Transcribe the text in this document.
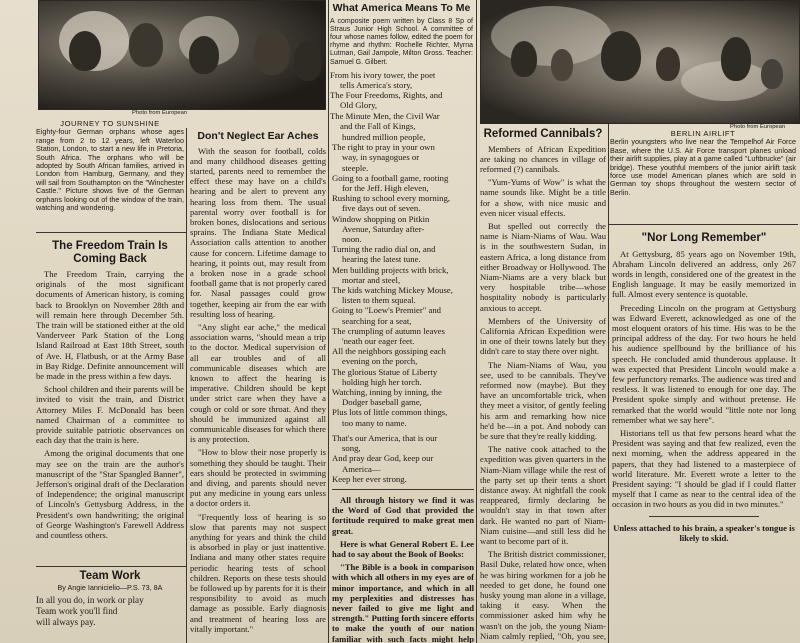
Photo from European
JOURNEY TO SUNSHINE
Eighty-four German orphans whose ages range from 2 to 12 years, left Waterloo Station, London, to start a new life in Pretoria, South Africa. The orphans who will be adopted by South African families, arrived in London from Hamburg, Germany, and they will sail from Southampton on the "Winchester Castle." Picture shows five of the German orphans looking out of the window of the train, watching and wondering.
What America Means To Me

A composite poem written by Class 8 Sp of Straus Junior High School. A committee of four whose names follow, edited the poem for rhyme and rhythm: Rochelle Richter, Myrna Lutman, Gail Jampole, Milton Gross. Teacher: Samuel G. Gilbert.

From his ivory tower, the poet
tells America's story,
The Four Freedoms, Rights, and
Old Glory,
The Minute Men, the Civil War
and the Fall of Kings,	Photo from European
BERLIN AIRLIFT
Berlin youngsters who live near the Tempelhof Air Force Base, where the U.S. Air Force transport planes unload their airlift supplies, play at a game called "Luftbrucke" (air bridge). These youthful members of the junior airlift task force use model American planes which are sold in German toy shops throughout the western sector of Berlin.
The Freedom Train Is Coming Back

The Freedom Train, carrying the originals of the most significant documents of American history, is coming back to Brooklyn on November 28th and will remain here through December 5th. The train will be stationed either at the old Vanderveer Park Station of the Long Island Railroad at East 18th Street, south of Ave. H, Flatbush, or at the Army Base in Bay Ridge. Definite announcement will be made in the press within a few days.

School children and their parents will be invited to visit the train, and District Attorney Miles F. McDonald has been named Chairman of a committee to provide suitable patriotic observances on each day that the train is here.

Among the original documents that one may see on the train are the author's manuscript of the "Star Spangled Banner", Jefferson's original draft of the Declaration of Independence; the original manuscript of Lincoln's Gettysburg Address, in the President's own handwriting; the original of George Washington's Farewell Address and countless others.

Team Work
By Angie Iannicielio—P.S. 73, 8A
In all you do, in work or play
Team work you'll find
will always pay.
Don't Neglect Ear Aches

With the season for football, colds and many childhood diseases getting started, parents need to remember the effect these may have on a child's hearing and be alert to prevent any hearing loss from them. The usual parental worry over football is for broken bones, dislocations and serious sprains. The Indiana State Medical Association calls attention to another cause for concern. Lifetime damage to hearing, it points out, may result from a broken nose in a grade school football game that is not properly cared for. Nasal passages could grow together, keeping air from the ear with resulting loss of hearing.

"Any slight ear ache," the medical association warns, "should mean a trip to the doctor. Medical supervision of all ear troubles and of all communicable diseases which are known to affect the hearing is imperative. Children should be kept under strict care when they have a cough or cold or sore throat. And they should be immunized against all communicable diseases for which there is any protection.

"How to blow their nose properly is something they should be taught. Their ears should be protected in swimming and diving, and parents should never put any medicine in young ears unless a doctor orders it.

"Frequently loss of hearing is so slow that parents may not suspect anything for years and think the child is absorbed in play or just inattentive. Indiana and many other states require periodic hearing tests of school children. Reports on these tests should be followed up by parents for it is their responsibility to avoid as much damage as possible. Early diagnosis and treatment of hearing loss are vitally important."

hundred million people,
The right to pray in your own
way, in synagogues or
steeple.
Going to a football game, rooting
for the Jeff. High eleven,
Rushing to school every morning,
five days out of seven.
Window shopping on Pitkin
Avenue, Saturday after-
noon.
Turning the radio dial on, and
hearing the latest tune.
Men building projects with brick,
mortar and steel,
The kids watching Mickey Mouse,
listen to them squeal.
Going to "Loew's Premier" and
searching for a seat,
The crumpling of autumn leaves
'neath our eager feet.
All the neighbors gossiping each
evening on the porch,
The glorious Statue of Liberty
holding high her torch.
Watching, inning by inning, the
Dodger baseball game,
Plus lots of little common things,
too many to name.
That's our America, that is our
song,
And pray dear God, keep our
America—
Keep her ever strong.

All through history we find it was the Word of God that provided the fortitude required to make great men great.

Here is what General Robert E. Lee had to say about the Book of Books:

"The Bible is a book in comparison with which all others in my eyes are of minor importance, and which in all my perplexities and distresses has never failed to give me light and strength." Putting forth sincere efforts to make the youth of our nation familiar with such facts might help

Reformed Cannibals?

Members of African Expedition are taking no chances in village of reformed (?) cannibals.

"Yum-Yums of Wow" is what the name sounds like. Might be a title for a show, with nice music and even nicer visual effects.

But spelled out correctly the name is Niam-Niams of Wau. Wau is in the southwestern Sudan, in eastern Africa, a long distance from either Broadway or Hollywood. The Niam-Niams are a very black but very hospitable tribe—whose hospitality nobody is particularly anxious to accept.

Members of the University of California African Expedition were in one of their towns lately but they didn't care to stay there over night.

The Niam-Niams of Wau, you see, used to be cannibals. They've reformed now (maybe). But they have an uncomfortable trick, when they meet a visitor, of gently feeling his arm and remarking how nice he'd be—in a pot. And nobody can be sure that they're really kidding.

The native cook attached to the expedition was given quarters in the Niam-Niam village while the rest of the party set up their tents a short distance away. At nightfall the cook reappeared, firmly declaring he wouldn't stay in that town after dark. He wanted no part of Niam-Niam cuisine—and still less did he want to become part of it.

The British district commissioner, Basil Duke, related how once, when he was hiring workmen for a job he needed to get done, he found one husky young man alone in a village, taking it easy. When the commissioner asked him why he wasn't on the job, the young Niam-Niam calmly replied, "Oh, you see,

"Nor Long Remember"

At Gettysburg, 85 years ago on November 19th, Abraham Lincoln delivered an address, only 267 words in length, considered one of the greatest in the English language. It may be easily memorized in full. Almost every sentence is quotable.

Preceding Lincoln on the program at Gettysburg was Edward Everett, acknowledged as one of the most eloquent orators of his time. His was to be the principal address of the day. For two hours he held his audience spellbound by the brilliance of his speech. He concluded amid thunderous applause. It was expected that President Lincoln would make a few perfunctory remarks. The audience was tired and restless. It was listened to enough for one day. The President spoke simply and without pretense. He remarked that the world would "little note nor long remember what we say here".

Historians tell us that few persons heard what the President was saying and that few realized, even the next morning, when the address appeared in the papers, that they had listened to a masterpiece of world literature. Mr. Everett wrote a letter to the President saying: "I should be glad if I could flatter myself that I came as near to the central idea of the occasion in two hours as you did in two minutes."

Unless attached to his brain, a speaker's tongue is likely to skid.
